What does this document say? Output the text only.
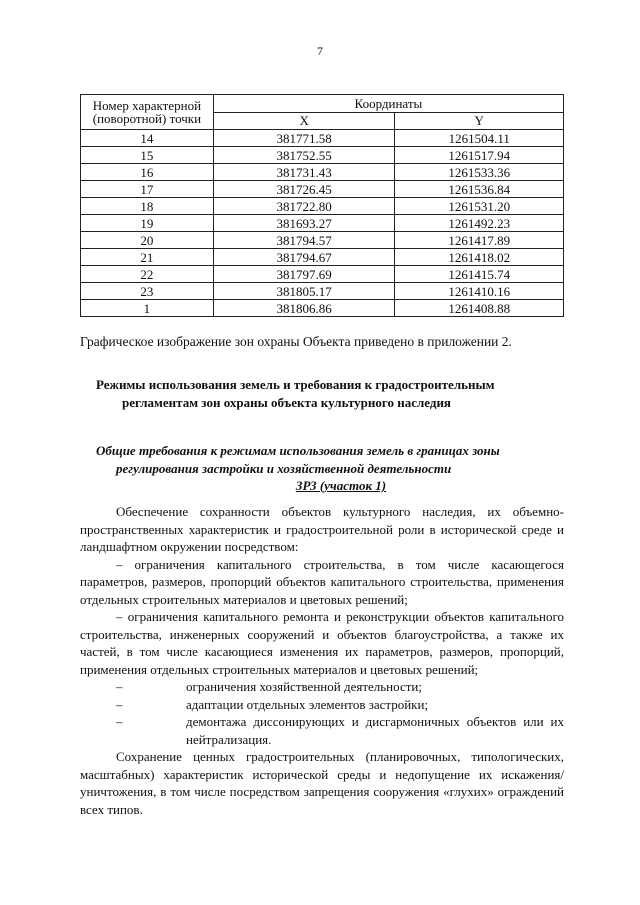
7
Номер характерной (поворотной) точки	Координаты	
	X	Y
14	381771.58	1261504.11
15	381752.55	1261517.94
16	381731.43	1261533.36
17	381726.45	1261536.84
18	381722.80	1261531.20
19	381693.27	1261492.23
20	381794.57	1261417.89
21	381794.67	1261418.02
22	381797.69	1261415.74
23	381805.17	1261410.16
1	381806.86	1261408.88
Графическое изображение зон охраны Объекта приведено в приложении 2.
Режимы использования земель и требования к градостроительным
регламентам зон охраны объекта культурного наследия
Общие требования к режимам использования земель в границах зоны
регулирования застройки и хозяйственной деятельности
ЗРЗ (участок 1)

Обеспечение сохранности объектов культурного наследия, их объемно-пространственных характеристик и градостроительной роли в исторической среде и ландшафтном окружении посредством:

– ограничения капитального строительства, в том числе касающегося параметров, размеров, пропорций объектов капитального строительства, применения отдельных строительных материалов и цветовых решений;

– ограничения капитального ремонта и реконструкции объектов капитального строительства, инженерных сооружений и объектов благоустройства, а также их частей, в том числе касающиеся изменения их параметров, размеров, пропорций, применения отдельных строительных материалов и цветовых решений;

–	ограничения хозяйственной деятельности;
–	адаптации отдельных элементов застройки;
–	демонтажа диссонирующих и дисгармоничных объектов или их нейтрализация.

Сохранение ценных градостроительных (планировочных, типологических, масштабных) характеристик исторической среды и недопущение их искажения/уничтожения, в том числе посредством запрещения сооружения «глухих» ограждений всех типов.
